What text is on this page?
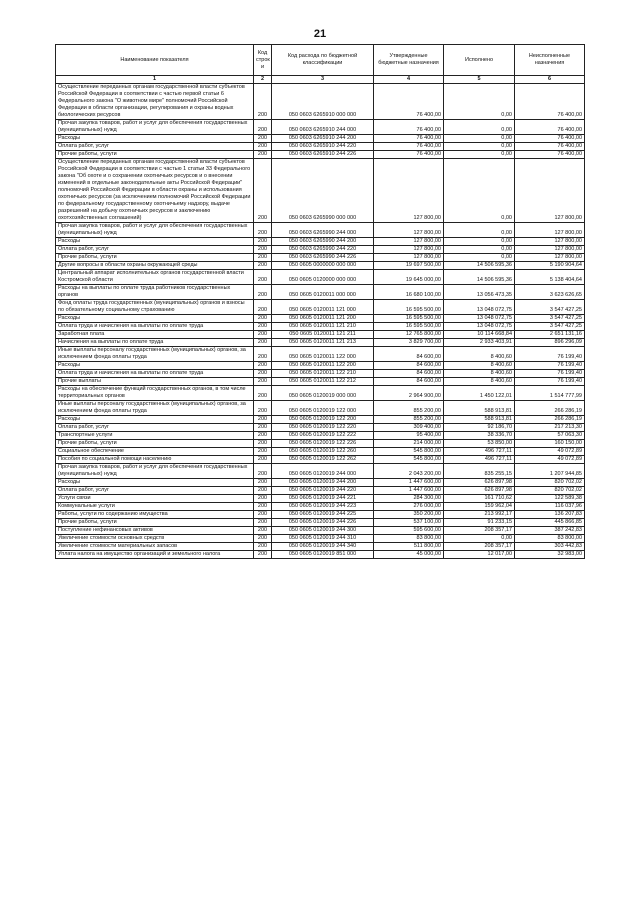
21
Наименование показателя	Код строк и	Код расхода по бюджетной классификации	Утвержденные бюджетные назначения	Исполнено	Неисполненные назначения
1	2	3	4	5	6
Осуществление переданных органам государственной власти субъектов Российской Федерации в соответствии с частью первой статьи 6 Федерального закона "О животном мире" полномочий Российской Федерации в области организации, регулирования и охраны водных биологических ресурсов	200	050 0603 6265910 000 000	76 400,00	0,00	76 400,00
Прочая закупка товаров, работ и услуг для обеспечения государственных (муниципальных) нужд	200	050 0603 6265910 244 000	76 400,00	0,00	76 400,00
Расходы	200	050 0603 6265910 244 200	76 400,00	0,00	76 400,00
Оплата работ, услуг	200	050 0603 6265910 244 220	76 400,00	0,00	76 400,00
Прочие работы, услуги	200	050 0603 6265910 244 226	76 400,00	0,00	76 400,00
Осуществление переданных органам государственной власти субъектов Российской Федерации в соответствии с частью 1 статьи 33 Федерального закона "Об охоте и о сохранении охотничьих ресурсов и о внесении изменений в отдельные законодательные акты Российской Федерации" полномочий Российской Федерации в области охраны и использования охотничьих ресурсов (за исключением полномочий Российской Федерации по федеральному государственному охотничьему надзору, выдаче разрешений на добычу охотничьих ресурсов и заключению охотхозяйственных соглашений)	200	050 0603 6265990 000 000	127 800,00	0,00	127 800,00
Прочая закупка товаров, работ и услуг для обеспечения государственных (муниципальных) нужд	200	050 0603 6265990 244 000	127 800,00	0,00	127 800,00
Расходы	200	050 0603 6265990 244 200	127 800,00	0,00	127 800,00
Оплата работ, услуг	200	050 0603 6265990 244 220	127 800,00	0,00	127 800,00
Прочие работы, услуги	200	050 0603 6265990 244 226	127 800,00	0,00	127 800,00
Другие вопросы в области охраны окружающей среды	200	050 0605 0000000 000 000	19 697 500,00	14 506 595,36	5 190 904,64
Центральный аппарат исполнительных органов государственной власти Костромской области	200	050 0605 0120000 000 000	19 645 000,00	14 506 595,36	5 138 404,64
Расходы на выплаты по оплате труда работников государственных органов	200	050 0605 0120011 000 000	16 680 100,00	13 056 473,35	3 623 626,65
Фонд оплаты труда государственных (муниципальных) органов и взносы по обязательному социальному страхованию	200	050 0605 0120011 121 000	16 595 500,00	13 048 072,75	3 547 427,25
Расходы	200	050 0605 0120011 121 200	16 595 500,00	13 048 072,75	3 547 427,25
Оплата труда и начисления на выплаты по оплате труда	200	050 0605 0120011 121 210	16 595 500,00	13 048 072,75	3 547 427,25
Заработная плата	200	050 0605 0120011 121 211	12 765 800,00	10 114 668,84	2 651 131,16
Начисления на выплаты по оплате труда	200	050 0605 0120011 121 213	3 829 700,00	2 933 403,91	896 296,09
Иные выплаты персоналу государственных (муниципальных) органов, за исключением фонда оплаты труда	200	050 0605 0120011 122 000	84 600,00	8 400,60	76 199,40
Расходы	200	050 0605 0120011 122 200	84 600,00	8 400,60	76 199,40
Оплата труда и начисления на выплаты по оплате труда	200	050 0605 0120011 122 210	84 600,00	8 400,60	76 199,40
Прочие выплаты	200	050 0605 0120011 122 212	84 600,00	8 400,60	76 199,40
Расходы на обеспечение функций государственных органов, в том числе территориальных органов	200	050 0605 0120019 000 000	2 964 900,00	1 450 122,01	1 514 777,99
Иные выплаты персоналу государственных (муниципальных) органов, за исключением фонда оплаты труда	200	050 0605 0120019 122 000	855 200,00	588 913,81	266 286,19
Расходы	200	050 0605 0120019 122 200	855 200,00	588 913,81	266 286,19
Оплата работ, услуг	200	050 0605 0120019 122 220	309 400,00	92 186,70	217 213,30
Транспортные услуги	200	050 0605 0120019 122 222	95 400,00	38 336,70	57 063,30
Прочие работы, услуги	200	050 0605 0120019 122 226	214 000,00	53 850,00	160 150,00
Социальное обеспечение	200	050 0605 0120019 122 260	545 800,00	496 727,11	49 072,89
Пособия по социальной помощи населению	200	050 0605 0120019 122 262	545 800,00	496 727,11	49 072,89
Прочая закупка товаров, работ и услуг для обеспечения государственных (муниципальных) нужд	200	050 0605 0120019 244 000	2 043 200,00	835 255,15	1 207 944,85
Расходы	200	050 0605 0120019 244 200	1 447 600,00	626 897,98	820 702,02
Оплата работ, услуг	200	050 0605 0120019 244 220	1 447 600,00	626 897,98	820 702,02
Услуги связи	200	050 0605 0120019 244 221	284 300,00	161 710,62	122 589,38
Коммунальные услуги	200	050 0605 0120019 244 223	276 000,00	159 962,04	116 037,96
Работы, услуги по содержанию имущества	200	050 0605 0120019 244 225	350 200,00	213 992,17	136 207,83
Прочие работы, услуги	200	050 0605 0120019 244 226	537 100,00	91 233,15	445 866,85
Поступление нефинансовых активов	200	050 0605 0120019 244 300	595 600,00	208 357,17	387 242,83
Увеличение стоимости основных средств	200	050 0605 0120019 244 310	83 800,00	0,00	83 800,00
Увеличение стоимости материальных запасов	200	050 0605 0120019 244 340	511 800,00	208 357,17	303 442,83
Уплата налога на имущество организаций и земельного налога	200	050 0605 0120019 851 000	45 000,00	12 017,00	32 983,00
